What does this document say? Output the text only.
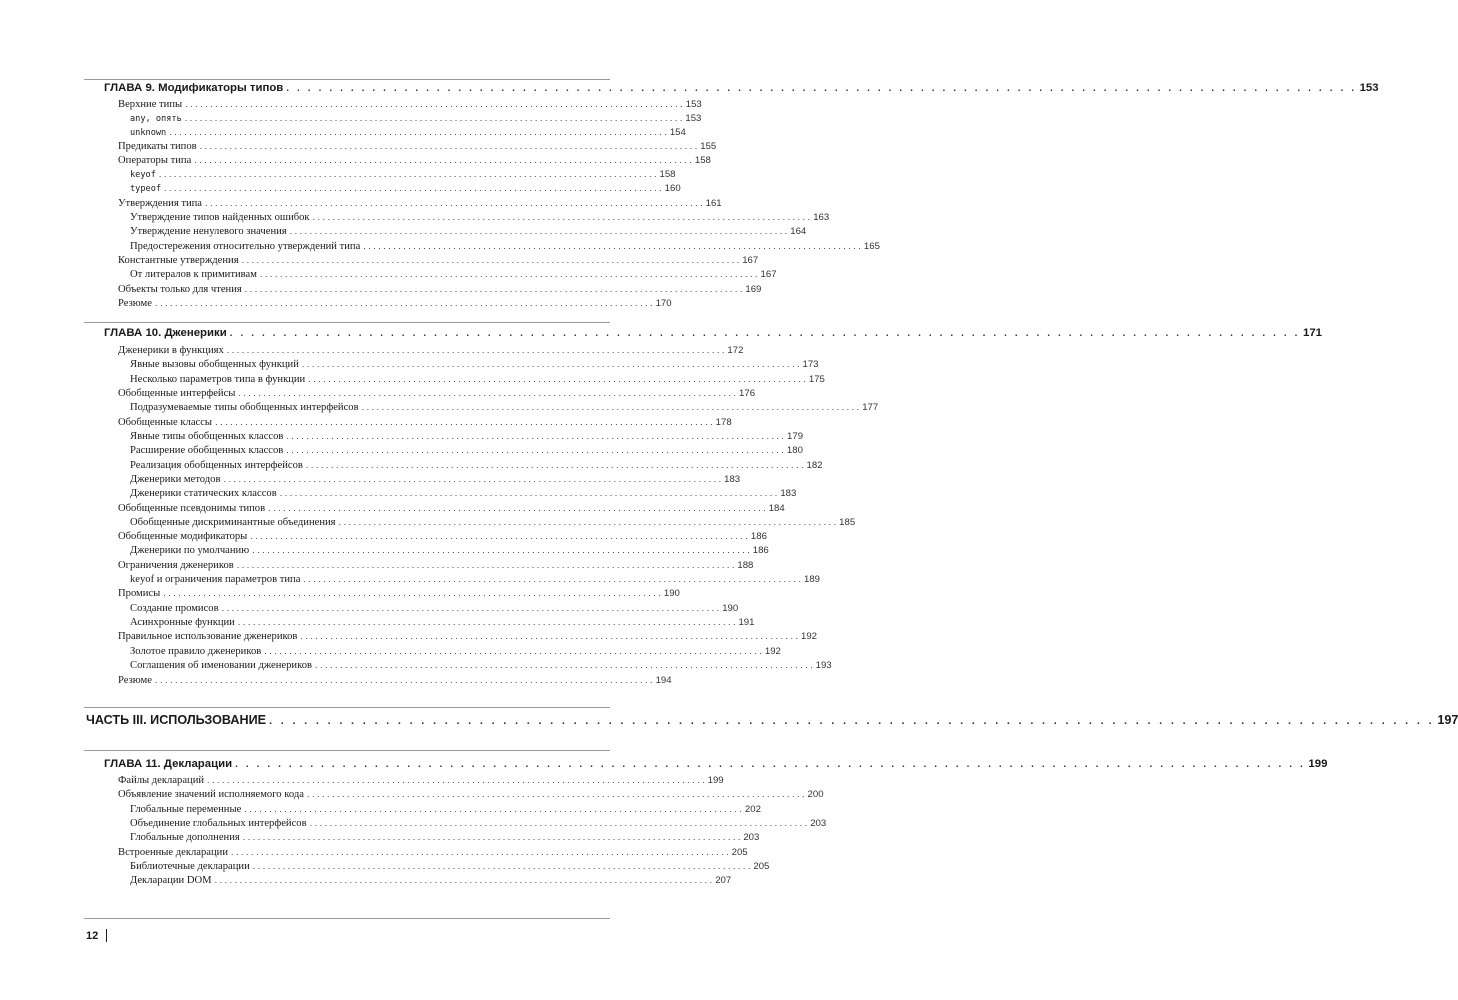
ГЛАВА 9. Модификаторы типов . . . . . . . . . . . . . . . . . . . . . . . . . . . . . . . . . . . . . . . . . . . . . . . . . . . . . . . . . . . . . . . . . . . . . . . . . . . . . . . . . . . . . . . . . . . . . . . . . . . . 153
Верхние типы . . . . . . . . . . . . . . . . . . . . . . . . . . . . . . . . . . . . . . . . . . . . . . . . . . . . . . . . . . . . . . . . . . . . . . . . . . . . . . . . . . . . . . . . . . . . . . . . . . . . 153
any, опять . . . . . . . . . . . . . . . . . . . . . . . . . . . . . . . . . . . . . . . . . . . . . . . . . . . . . . . . . . . . . . . . . . . . . . . . . . . . . . . . . . . . . . . . . . . . . . . . . . . . 153
unknown . . . . . . . . . . . . . . . . . . . . . . . . . . . . . . . . . . . . . . . . . . . . . . . . . . . . . . . . . . . . . . . . . . . . . . . . . . . . . . . . . . . . . . . . . . . . . . . . . . . . 154
Предикаты типов . . . . . . . . . . . . . . . . . . . . . . . . . . . . . . . . . . . . . . . . . . . . . . . . . . . . . . . . . . . . . . . . . . . . . . . . . . . . . . . . . . . . . . . . . . . . . . . . . . . . 155
Операторы типа . . . . . . . . . . . . . . . . . . . . . . . . . . . . . . . . . . . . . . . . . . . . . . . . . . . . . . . . . . . . . . . . . . . . . . . . . . . . . . . . . . . . . . . . . . . . . . . . . . . . 158
keyof . . . . . . . . . . . . . . . . . . . . . . . . . . . . . . . . . . . . . . . . . . . . . . . . . . . . . . . . . . . . . . . . . . . . . . . . . . . . . . . . . . . . . . . . . . . . . . . . . . . . 158
typeof . . . . . . . . . . . . . . . . . . . . . . . . . . . . . . . . . . . . . . . . . . . . . . . . . . . . . . . . . . . . . . . . . . . . . . . . . . . . . . . . . . . . . . . . . . . . . . . . . . . . 160
Утверждения типа . . . . . . . . . . . . . . . . . . . . . . . . . . . . . . . . . . . . . . . . . . . . . . . . . . . . . . . . . . . . . . . . . . . . . . . . . . . . . . . . . . . . . . . . . . . . . . . . . . . . 161
Утверждение типов найденных ошибок . . . . . . . . . . . . . . . . . . . . . . . . . . . . . . . . . . . . . . . . . . . . . . . . . . . . . . . . . . . . . . . . . . . . . . . . . . . . . . . . . . . . . . . . . . . . . . . . . . . . 163
Утверждение ненулевого значения . . . . . . . . . . . . . . . . . . . . . . . . . . . . . . . . . . . . . . . . . . . . . . . . . . . . . . . . . . . . . . . . . . . . . . . . . . . . . . . . . . . . . . . . . . . . . . . . . . . . 164
Предостережения относительно утверждений типа . . . . . . . . . . . . . . . . . . . . . . . . . . . . . . . . . . . . . . . . . . . . . . . . . . . . . . . . . . . . . . . . . . . . . . . . . . . . . . . . . . . . . . . . . . . . . . . . . . . . 165
Константные утверждения . . . . . . . . . . . . . . . . . . . . . . . . . . . . . . . . . . . . . . . . . . . . . . . . . . . . . . . . . . . . . . . . . . . . . . . . . . . . . . . . . . . . . . . . . . . . . . . . . . . . 167
От литералов к примитивам . . . . . . . . . . . . . . . . . . . . . . . . . . . . . . . . . . . . . . . . . . . . . . . . . . . . . . . . . . . . . . . . . . . . . . . . . . . . . . . . . . . . . . . . . . . . . . . . . . . . 167
Объекты только для чтения . . . . . . . . . . . . . . . . . . . . . . . . . . . . . . . . . . . . . . . . . . . . . . . . . . . . . . . . . . . . . . . . . . . . . . . . . . . . . . . . . . . . . . . . . . . . . . . . . . . . 169
Резюме . . . . . . . . . . . . . . . . . . . . . . . . . . . . . . . . . . . . . . . . . . . . . . . . . . . . . . . . . . . . . . . . . . . . . . . . . . . . . . . . . . . . . . . . . . . . . . . . . . . . 170
ГЛАВА 10. Дженерики . . . . . . . . . . . . . . . . . . . . . . . . . . . . . . . . . . . . . . . . . . . . . . . . . . . . . . . . . . . . . . . . . . . . . . . . . . . . . . . . . . . . . . . . . . . . . . . . . . . . 171
Дженерики в функциях . . . . . . . . . . . . . . . . . . . . . . . . . . . . . . . . . . . . . . . . . . . . . . . . . . . . . . . . . . . . . . . . . . . . . . . . . . . . . . . . . . . . . . . . . . . . . . . . . . . . 172
Явные вызовы обобщенных функций . . . . . . . . . . . . . . . . . . . . . . . . . . . . . . . . . . . . . . . . . . . . . . . . . . . . . . . . . . . . . . . . . . . . . . . . . . . . . . . . . . . . . . . . . . . . . . . . . . . . 173
Несколько параметров типа в функции . . . . . . . . . . . . . . . . . . . . . . . . . . . . . . . . . . . . . . . . . . . . . . . . . . . . . . . . . . . . . . . . . . . . . . . . . . . . . . . . . . . . . . . . . . . . . . . . . . . . 175
Обобщенные интерфейсы . . . . . . . . . . . . . . . . . . . . . . . . . . . . . . . . . . . . . . . . . . . . . . . . . . . . . . . . . . . . . . . . . . . . . . . . . . . . . . . . . . . . . . . . . . . . . . . . . . . . 176
Подразумеваемые типы обобщенных интерфейсов . . . . . . . . . . . . . . . . . . . . . . . . . . . . . . . . . . . . . . . . . . . . . . . . . . . . . . . . . . . . . . . . . . . . . . . . . . . . . . . . . . . . . . . . . . . . . . . . . . . . 177
Обобщенные классы . . . . . . . . . . . . . . . . . . . . . . . . . . . . . . . . . . . . . . . . . . . . . . . . . . . . . . . . . . . . . . . . . . . . . . . . . . . . . . . . . . . . . . . . . . . . . . . . . . . . 178
Явные типы обобщенных классов . . . . . . . . . . . . . . . . . . . . . . . . . . . . . . . . . . . . . . . . . . . . . . . . . . . . . . . . . . . . . . . . . . . . . . . . . . . . . . . . . . . . . . . . . . . . . . . . . . . . 179
Расширение обобщенных классов . . . . . . . . . . . . . . . . . . . . . . . . . . . . . . . . . . . . . . . . . . . . . . . . . . . . . . . . . . . . . . . . . . . . . . . . . . . . . . . . . . . . . . . . . . . . . . . . . . . . 180
Реализация обобщенных интерфейсов . . . . . . . . . . . . . . . . . . . . . . . . . . . . . . . . . . . . . . . . . . . . . . . . . . . . . . . . . . . . . . . . . . . . . . . . . . . . . . . . . . . . . . . . . . . . . . . . . . . . 182
Дженерики методов . . . . . . . . . . . . . . . . . . . . . . . . . . . . . . . . . . . . . . . . . . . . . . . . . . . . . . . . . . . . . . . . . . . . . . . . . . . . . . . . . . . . . . . . . . . . . . . . . . . . 183
Дженерики статических классов . . . . . . . . . . . . . . . . . . . . . . . . . . . . . . . . . . . . . . . . . . . . . . . . . . . . . . . . . . . . . . . . . . . . . . . . . . . . . . . . . . . . . . . . . . . . . . . . . . . . 183
Обобщенные псевдонимы типов . . . . . . . . . . . . . . . . . . . . . . . . . . . . . . . . . . . . . . . . . . . . . . . . . . . . . . . . . . . . . . . . . . . . . . . . . . . . . . . . . . . . . . . . . . . . . . . . . . . . 184
Обобщенные дискриминантные объединения . . . . . . . . . . . . . . . . . . . . . . . . . . . . . . . . . . . . . . . . . . . . . . . . . . . . . . . . . . . . . . . . . . . . . . . . . . . . . . . . . . . . . . . . . . . . . . . . . . . . 185
Обобщенные модификаторы . . . . . . . . . . . . . . . . . . . . . . . . . . . . . . . . . . . . . . . . . . . . . . . . . . . . . . . . . . . . . . . . . . . . . . . . . . . . . . . . . . . . . . . . . . . . . . . . . . . . 186
Дженерики по умолчанию . . . . . . . . . . . . . . . . . . . . . . . . . . . . . . . . . . . . . . . . . . . . . . . . . . . . . . . . . . . . . . . . . . . . . . . . . . . . . . . . . . . . . . . . . . . . . . . . . . . . 186
Ограничения дженериков . . . . . . . . . . . . . . . . . . . . . . . . . . . . . . . . . . . . . . . . . . . . . . . . . . . . . . . . . . . . . . . . . . . . . . . . . . . . . . . . . . . . . . . . . . . . . . . . . . . . 188
keyof и ограничения параметров типа . . . . . . . . . . . . . . . . . . . . . . . . . . . . . . . . . . . . . . . . . . . . . . . . . . . . . . . . . . . . . . . . . . . . . . . . . . . . . . . . . . . . . . . . . . . . . . . . . . . . 189
Промисы . . . . . . . . . . . . . . . . . . . . . . . . . . . . . . . . . . . . . . . . . . . . . . . . . . . . . . . . . . . . . . . . . . . . . . . . . . . . . . . . . . . . . . . . . . . . . . . . . . . . 190
Создание промисов . . . . . . . . . . . . . . . . . . . . . . . . . . . . . . . . . . . . . . . . . . . . . . . . . . . . . . . . . . . . . . . . . . . . . . . . . . . . . . . . . . . . . . . . . . . . . . . . . . . . 190
Асинхронные функции . . . . . . . . . . . . . . . . . . . . . . . . . . . . . . . . . . . . . . . . . . . . . . . . . . . . . . . . . . . . . . . . . . . . . . . . . . . . . . . . . . . . . . . . . . . . . . . . . . . . 191
Правильное использование дженериков . . . . . . . . . . . . . . . . . . . . . . . . . . . . . . . . . . . . . . . . . . . . . . . . . . . . . . . . . . . . . . . . . . . . . . . . . . . . . . . . . . . . . . . . . . . . . . . . . . . . 192
Золотое правило дженериков . . . . . . . . . . . . . . . . . . . . . . . . . . . . . . . . . . . . . . . . . . . . . . . . . . . . . . . . . . . . . . . . . . . . . . . . . . . . . . . . . . . . . . . . . . . . . . . . . . . . 192
Соглашения об именовании дженериков . . . . . . . . . . . . . . . . . . . . . . . . . . . . . . . . . . . . . . . . . . . . . . . . . . . . . . . . . . . . . . . . . . . . . . . . . . . . . . . . . . . . . . . . . . . . . . . . . . . . 193
Резюме . . . . . . . . . . . . . . . . . . . . . . . . . . . . . . . . . . . . . . . . . . . . . . . . . . . . . . . . . . . . . . . . . . . . . . . . . . . . . . . . . . . . . . . . . . . . . . . . . . . . 194
ЧАСТЬ III. ИСПОЛЬЗОВАНИЕ . . . . . . . . . . . . . . . . . . . . . . . . . . . . . . . . . . . . . . . . . . . . . . . . . . . . . . . . . . . . . . . . . . . . . . . . . . . . . . . . . . . . . . . . . . . . . . . . . . . . 197
ГЛАВА 11. Декларации . . . . . . . . . . . . . . . . . . . . . . . . . . . . . . . . . . . . . . . . . . . . . . . . . . . . . . . . . . . . . . . . . . . . . . . . . . . . . . . . . . . . . . . . . . . . . . . . . . . . 199
Файлы деклараций . . . . . . . . . . . . . . . . . . . . . . . . . . . . . . . . . . . . . . . . . . . . . . . . . . . . . . . . . . . . . . . . . . . . . . . . . . . . . . . . . . . . . . . . . . . . . . . . . . . . 199
Объявление значений исполняемого кода . . . . . . . . . . . . . . . . . . . . . . . . . . . . . . . . . . . . . . . . . . . . . . . . . . . . . . . . . . . . . . . . . . . . . . . . . . . . . . . . . . . . . . . . . . . . . . . . . . . . 200
Глобальные переменные . . . . . . . . . . . . . . . . . . . . . . . . . . . . . . . . . . . . . . . . . . . . . . . . . . . . . . . . . . . . . . . . . . . . . . . . . . . . . . . . . . . . . . . . . . . . . . . . . . . . 202
Объединение глобальных интерфейсов . . . . . . . . . . . . . . . . . . . . . . . . . . . . . . . . . . . . . . . . . . . . . . . . . . . . . . . . . . . . . . . . . . . . . . . . . . . . . . . . . . . . . . . . . . . . . . . . . . . . 203
Глобальные дополнения . . . . . . . . . . . . . . . . . . . . . . . . . . . . . . . . . . . . . . . . . . . . . . . . . . . . . . . . . . . . . . . . . . . . . . . . . . . . . . . . . . . . . . . . . . . . . . . . . . . . 203
Встроенные декларации . . . . . . . . . . . . . . . . . . . . . . . . . . . . . . . . . . . . . . . . . . . . . . . . . . . . . . . . . . . . . . . . . . . . . . . . . . . . . . . . . . . . . . . . . . . . . . . . . . . . 205
Библиотечные декларации . . . . . . . . . . . . . . . . . . . . . . . . . . . . . . . . . . . . . . . . . . . . . . . . . . . . . . . . . . . . . . . . . . . . . . . . . . . . . . . . . . . . . . . . . . . . . . . . . . . . 205
Декларации DOM . . . . . . . . . . . . . . . . . . . . . . . . . . . . . . . . . . . . . . . . . . . . . . . . . . . . . . . . . . . . . . . . . . . . . . . . . . . . . . . . . . . . . . . . . . . . . . . . . . . . 207
12
